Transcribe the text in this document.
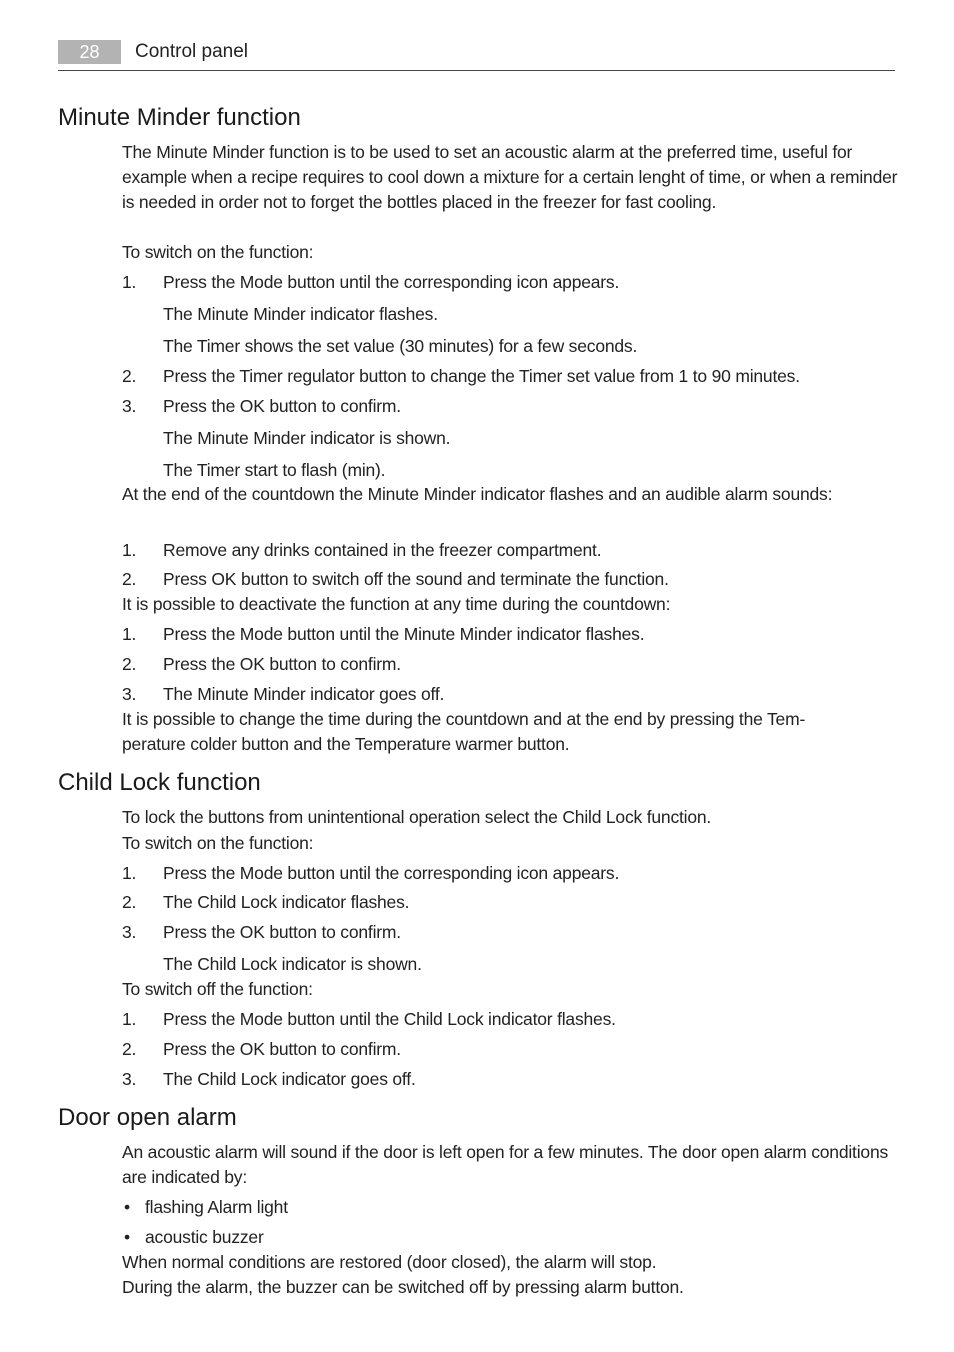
28	Control panel
Minute Minder function

The Minute Minder function is to be used to set an acoustic alarm at the preferred time, useful for example when a recipe requires to cool down a mixture for a certain lenght of time, or when a reminder is needed in order not to forget the bottles placed in the freezer for fast cooling.

To switch on the function:

1. Press the Mode button until the corresponding icon appears.

The Minute Minder indicator flashes.

The Timer shows the set value (30 minutes) for a few seconds.

2. Press the Timer regulator button to change the Timer set value from 1 to 90 minutes.
3. Press the OK button to confirm.

The Minute Minder indicator is shown.

The Timer start to flash (min).

At the end of the countdown the Minute Minder indicator flashes and an audible alarm sounds:

1. Remove any drinks contained in the freezer compartment.
2. Press OK button to switch off the sound and terminate the function.

It is possible to deactivate the function at any time during the countdown:

1. Press the Mode button until the Minute Minder indicator flashes.
2. Press the OK button to confirm.
3. The Minute Minder indicator goes off.

It is possible to change the time during the countdown and at the end by pressing the Tem-

perature colder button and the Temperature warmer button.

Child Lock function

To lock the buttons from unintentional operation select the Child Lock function.

To switch on the function:

1. Press the Mode button until the corresponding icon appears.
2. The Child Lock indicator flashes.
3. Press the OK button to confirm.

The Child Lock indicator is shown.

To switch off the function:

1. Press the Mode button until the Child Lock indicator flashes.
2. Press the OK button to confirm.
3. The Child Lock indicator goes off.
Door open alarm

An acoustic alarm will sound if the door is left open for a few minutes. The door open alarm conditions are indicated by:

• flashing Alarm light
• acoustic buzzer

When normal conditions are restored (door closed), the alarm will stop.

During the alarm, the buzzer can be switched off by pressing alarm button.
